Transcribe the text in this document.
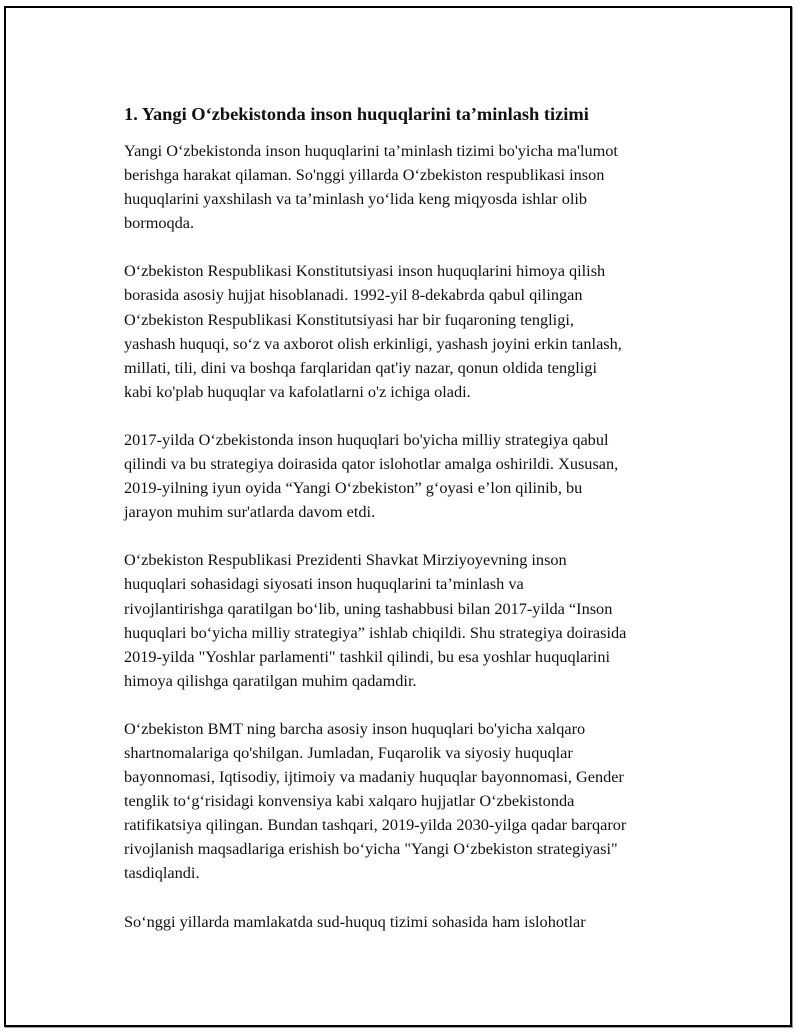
1. Yangi O‘zbekistonda inson huquqlarini ta’minlash tizimi

Yangi O‘zbekistonda inson huquqlarini ta’minlash tizimi bo'yicha ma'lumot
berishga harakat qilaman. So'nggi yillarda O‘zbekiston respublikasi inson
huquqlarini yaxshilash va ta’minlash yo‘lida keng miqyosda ishlar olib
bormoqda.

O‘zbekiston Respublikasi Konstitutsiyasi inson huquqlarini himoya qilish
borasida asosiy hujjat hisoblanadi. 1992-yil 8-dekabrda qabul qilingan
O‘zbekiston Respublikasi Konstitutsiyasi har bir fuqaroning tengligi,
yashash huquqi, so‘z va axborot olish erkinligi, yashash joyini erkin tanlash,
millati, tili, dini va boshqa farqlaridan qat'iy nazar, qonun oldida tengligi
kabi ko'plab huquqlar va kafolatlarni o'z ichiga oladi.

2017-yilda O‘zbekistonda inson huquqlari bo'yicha milliy strategiya qabul
qilindi va bu strategiya doirasida qator islohotlar amalga oshirildi. Xususan,
2019-yilning iyun oyida “Yangi O‘zbekiston” g‘oyasi e’lon qilinib, bu
jarayon muhim sur'atlarda davom etdi.

O‘zbekiston Respublikasi Prezidenti Shavkat Mirziyoyevning inson
huquqlari sohasidagi siyosati inson huquqlarini ta’minlash va
rivojlantirishga qaratilgan bo‘lib, uning tashabbusi bilan 2017-yilda “Inson
huquqlari bo‘yicha milliy strategiya” ishlab chiqildi. Shu strategiya doirasida
2019-yilda "Yoshlar parlamenti" tashkil qilindi, bu esa yoshlar huquqlarini
himoya qilishga qaratilgan muhim qadamdir.

O‘zbekiston BMT ning barcha asosiy inson huquqlari bo'yicha xalqaro
shartnomalariga qo'shilgan. Jumladan, Fuqarolik va siyosiy huquqlar
bayonnomasi, Iqtisodiy, ijtimoiy va madaniy huquqlar bayonnomasi, Gender
tenglik to‘g‘risidagi konvensiya kabi xalqaro hujjatlar O‘zbekistonda
ratifikatsiya qilingan. Bundan tashqari, 2019-yilda 2030-yilga qadar barqaror
rivojlanish maqsadlariga erishish bo‘yicha "Yangi O‘zbekiston strategiyasi"
tasdiqlandi.

So‘nggi yillarda mamlakatda sud-huquq tizimi sohasida ham islohotlar
